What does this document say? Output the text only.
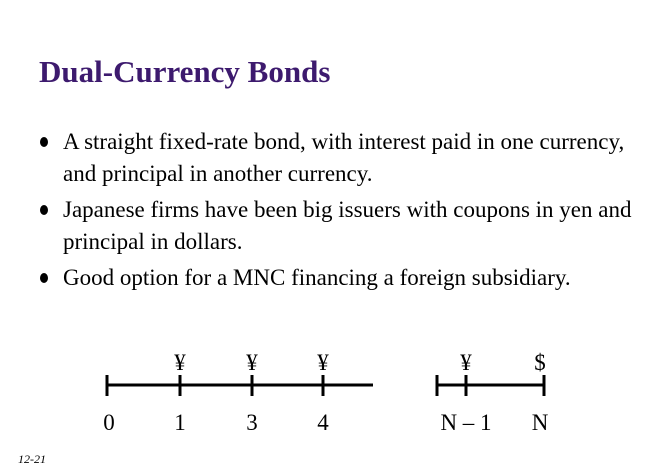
Dual-Currency Bonds
A straight fixed-rate bond, with interest paid in one currency, and principal in another currency.
Japanese firms have been big issuers with coupons in yen and principal in dollars.
Good option for a MNC financing a foreign subsidiary.
¥	¥	¥	¥	$
0	1	3	4	N – 1 N
12-21
